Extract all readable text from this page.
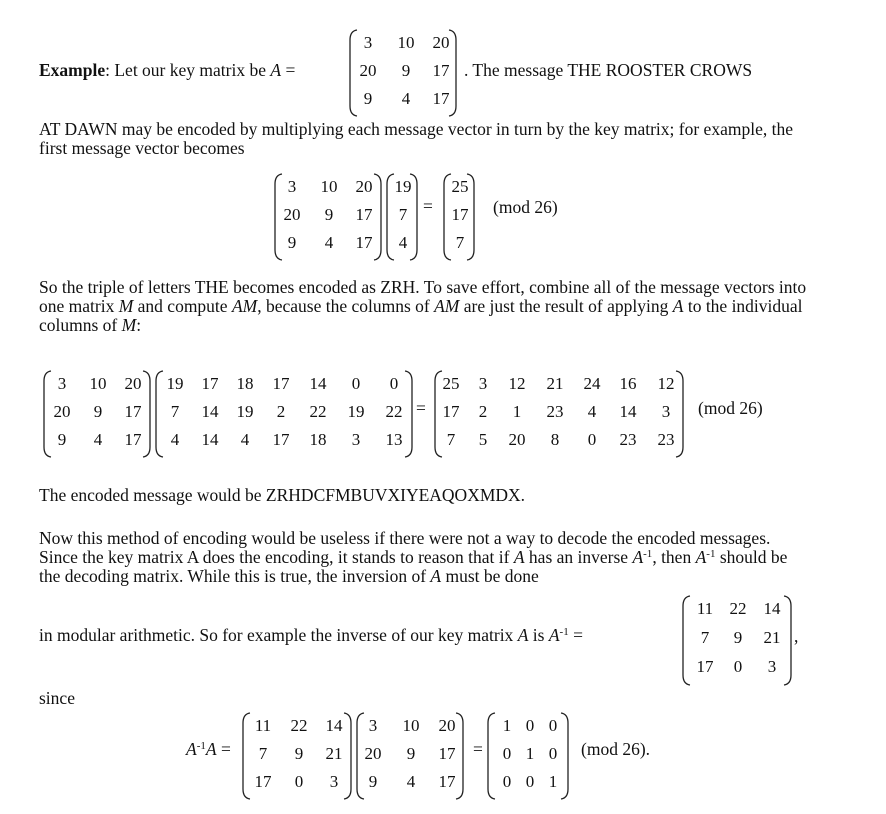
Example: Let our key matrix be A =
3	10	20
20	9	17
9	4	17
. The message THE ROOSTER CROWS

AT DAWN may be encoded by multiplying each message vector in turn by the key matrix; for example, the first message vector becomes

3	10	20
20	9	17
9	4	17
19
7
4
=
25
17
7
(mod 26)

So the triple of letters THE becomes encoded as ZRH. To save effort, combine all of the message vectors into one matrix M and compute AM, because the columns of AM are just the result of applying A to the individual columns of M:

3	10	20
20	9	17
9	4	17
19	17	18	17	14	0	0
7	14	19	2	22	19	22
4	14	4	17	18	3	13
=
25	3	12	21	24	16	12
17	2	1	23	4	14	3
7	5	20	8	0	23	23
(mod 26)

The encoded message would be ZRHDCFMBUVXIYEAQOXMDX.

Now this method of encoding would be useless if there were not a way to decode the encoded messages. Since the key matrix A does the encoding, it stands to reason that if A has an inverse $A^{-1}$, then $A^{-1}$ should be the decoding matrix. While this is true, the inversion of A must be done

in modular arithmetic. So for example the inverse of our key matrix A is $A^{-1}$ =
11 22	14
7	9	21
17	0	3
,
since
$A^{-1}A$ =
11	22	14
7	9	21
17	0	3
3	10	20
20	9	17
9	4	17
=
1 0 0
0 1 0
0 0 1
(mod 26).
